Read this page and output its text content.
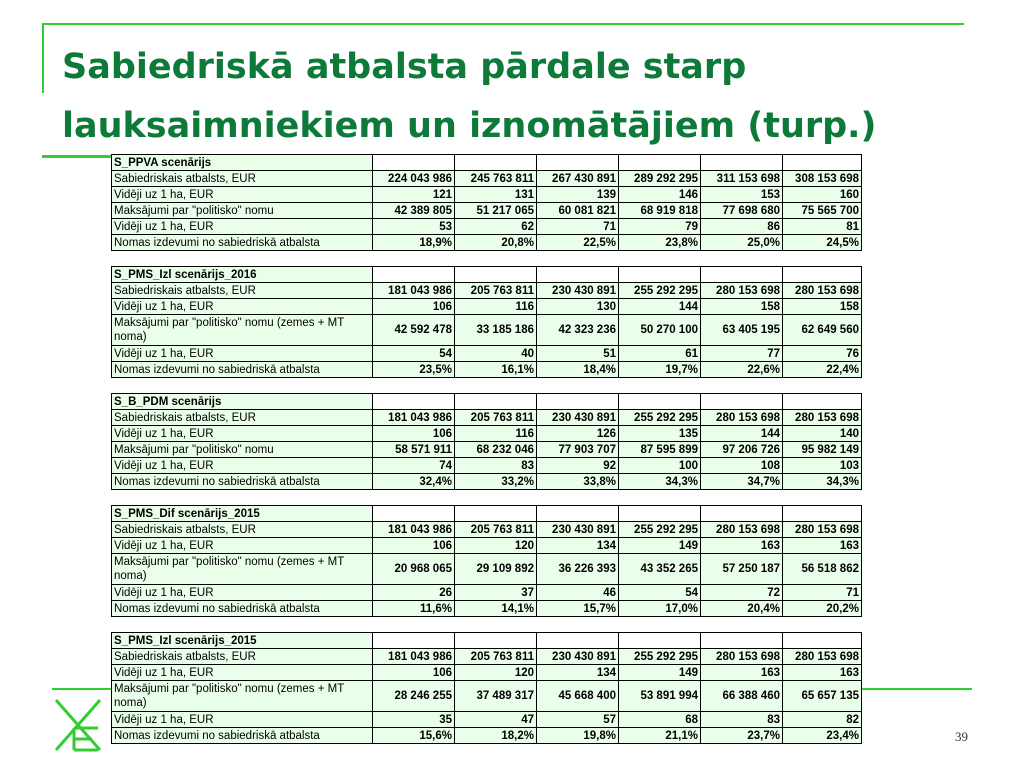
Sabiedriskā atbalsta pārdale starp lauksaimniekiem un iznomātājiem (turp.)
S_PPVA scenārijs						
Sabiedriskais atbalsts, EUR	224 043 986	245 763 811	267 430 891	289 292 295	311 153 698	308 153 698
Vidēji uz 1 ha, EUR	121	131	139	146	153	160
Maksājumi par "politisko" nomu	42 389 805	51 217 065	60 081 821	68 919 818	77 698 680	75 565 700
Vidēji uz 1 ha, EUR	53	62	71	79	86	81
Nomas izdevumi no sabiedriskā atbalsta	18,9%	20,8%	22,5%	23,8%	25,0%	24,5%
S_PMS_Izl scenārijs_2016						
Sabiedriskais atbalsts, EUR	181 043 986	205 763 811	230 430 891	255 292 295	280 153 698	280 153 698
Vidēji uz 1 ha, EUR	106	116	130	144	158	158
Maksājumi par "politisko" nomu (zemes + MT noma)	42 592 478	33 185 186	42 323 236	50 270 100	63 405 195	62 649 560
Vidēji uz 1 ha, EUR	54	40	51	61	77	76
Nomas izdevumi no sabiedriskā atbalsta	23,5%	16,1%	18,4%	19,7%	22,6%	22,4%
S_B_PDM scenārijs						
Sabiedriskais atbalsts, EUR	181 043 986	205 763 811	230 430 891	255 292 295	280 153 698	280 153 698
Vidēji uz 1 ha, EUR	106	116	126	135	144	140
Maksājumi par "politisko" nomu	58 571 911	68 232 046	77 903 707	87 595 899	97 206 726	95 982 149
Vidēji uz 1 ha, EUR	74	83	92	100	108	103
Nomas izdevumi no sabiedriskā atbalsta	32,4%	33,2%	33,8%	34,3%	34,7%	34,3%
S_PMS_Dif scenārijs_2015						
Sabiedriskais atbalsts, EUR	181 043 986	205 763 811	230 430 891	255 292 295	280 153 698	280 153 698
Vidēji uz 1 ha, EUR	106	120	134	149	163	163
Maksājumi par "politisko" nomu (zemes + MT noma)	20 968 065	29 109 892	36 226 393	43 352 265	57 250 187	56 518 862
Vidēji uz 1 ha, EUR	26	37	46	54	72	71
Nomas izdevumi no sabiedriskā atbalsta	11,6%	14,1%	15,7%	17,0%	20,4%	20,2%
S_PMS_Izl scenārijs_2015						
Sabiedriskais atbalsts, EUR	181 043 986	205 763 811	230 430 891	255 292 295	280 153 698	280 153 698
Vidēji uz 1 ha, EUR	106	120	134	149	163	163
Maksājumi par "politisko" nomu (zemes + MT noma)	28 246 255	37 489 317	45 668 400	53 891 994	66 388 460	65 657 135
Vidēji uz 1 ha, EUR	35	47	57	68	83	82
Nomas izdevumi no sabiedriskā atbalsta	15,6%	18,2%	19,8%	21,1%	23,7%	23,4%	39
